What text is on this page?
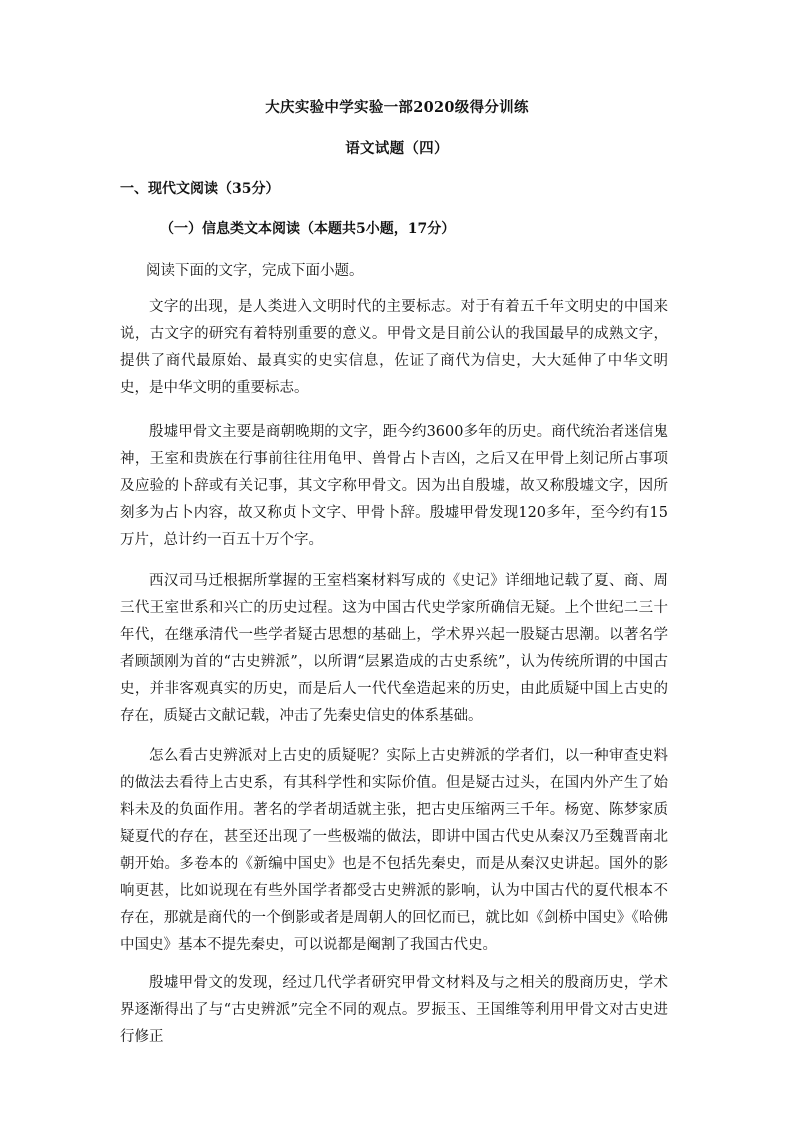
大庆实验中学实验一部2020级得分训练
语文试题（四）
一、现代文阅读（35分）
（一）信息类文本阅读（本题共5小题，17分）
阅读下面的文字，完成下面小题。

文字的出现，是人类进入文明时代的主要标志。对于有着五千年文明史的中国来说，古文字的研究有着特别重要的意义。甲骨文是目前公认的我国最早的成熟文字，提供了商代最原始、最真实的史实信息，佐证了商代为信史，大大延伸了中华文明史，是中华文明的重要标志。

殷墟甲骨文主要是商朝晚期的文字，距今约3600多年的历史。商代统治者迷信鬼神，王室和贵族在行事前往往用龟甲、兽骨占卜吉凶，之后又在甲骨上刻记所占事项及应验的卜辞或有关记事，其文字称甲骨文。因为出自殷墟，故又称殷墟文字，因所刻多为占卜内容，故又称贞卜文字、甲骨卜辞。殷墟甲骨发现120多年，至今约有15万片，总计约一百五十万个字。

西汉司马迁根据所掌握的王室档案材料写成的《史记》详细地记载了夏、商、周三代王室世系和兴亡的历史过程。这为中国古代史学家所确信无疑。上个世纪二三十年代，在继承清代一些学者疑古思想的基础上，学术界兴起一股疑古思潮。以著名学者顾颉刚为首的“古史辨派”，以所谓“层累造成的古史系统”，认为传统所谓的中国古史，并非客观真实的历史，而是后人一代代垒造起来的历史，由此质疑中国上古史的存在，质疑古文献记载，冲击了先秦史信史的体系基础。

怎么看古史辨派对上古史的质疑呢？实际上古史辨派的学者们，以一种审查史料的做法去看待上古史系，有其科学性和实际价值。但是疑古过头，在国内外产生了始料未及的负面作用。著名的学者胡适就主张，把古史压缩两三千年。杨宽、陈梦家质疑夏代的存在，甚至还出现了一些极端的做法，即讲中国古代史从秦汉乃至魏晋南北朝开始。多卷本的《新编中国史》也是不包括先秦史，而是从秦汉史讲起。国外的影响更甚，比如说现在有些外国学者都受古史辨派的影响，认为中国古代的夏代根本不存在，那就是商代的一个倒影或者是周朝人的回忆而已，就比如《剑桥中国史》《哈佛中国史》基本不提先秦史，可以说都是阉割了我国古代史。

殷墟甲骨文的发现，经过几代学者研究甲骨文材料及与之相关的殷商历史，学术界逐渐得出了与“古史辨派”完全不同的观点。罗振玉、王国维等利用甲骨文对古史进行修正
